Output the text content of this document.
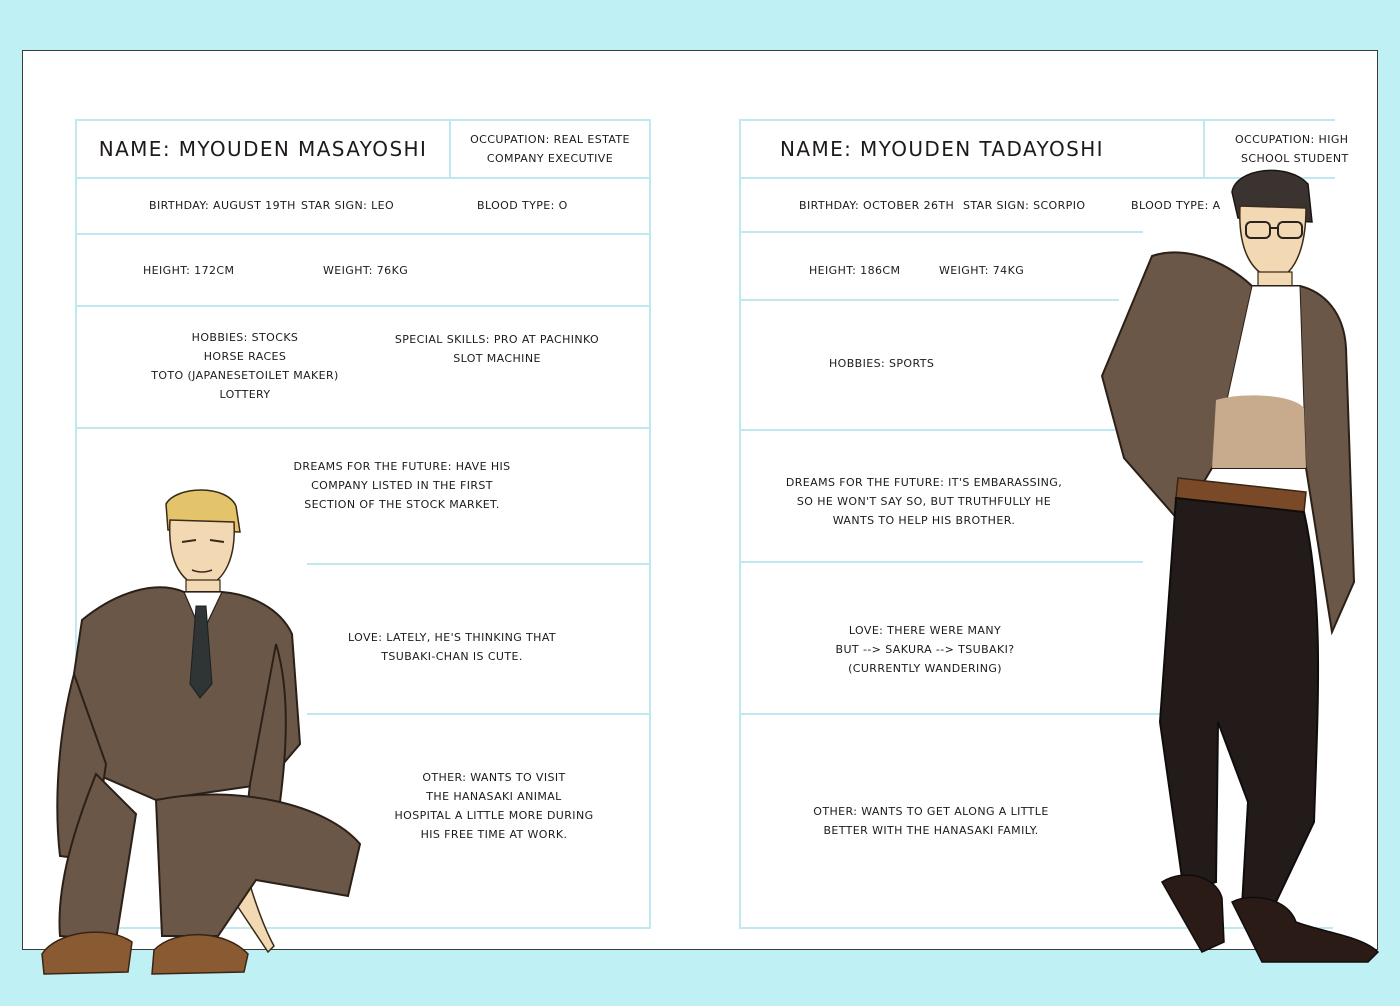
NAME: MYOUDEN MASAYOSHI	OCCUPATION: REAL ESTATE
COMPANY EXECUTIVE
BIRTHDAY: AUGUST 19TH STAR SIGN: LEO	BLOOD TYPE: O
HEIGHT: 172CM	WEIGHT: 76KG
HOBBIES: STOCKS
HORSE RACES
TOTO (JAPANESETOILET MAKER)
LOTTERY
SPECIAL SKILLS: PRO AT PACHINKO
SLOT MACHINE
DREAMS FOR THE FUTURE: HAVE HIS
COMPANY LISTED IN THE FIRST
SECTION OF THE STOCK MARKET.
LOVE: LATELY, HE'S THINKING THAT
TSUBAKI-CHAN IS CUTE.
OTHER: WANTS TO VISIT
THE HANASAKI ANIMAL
HOSPITAL A LITTLE MORE DURING
HIS FREE TIME AT WORK.
NAME: MYOUDEN TADAYOSHI	OCCUPATION: HIGH
SCHOOL STUDENT
BIRTHDAY: OCTOBER 26TH STAR SIGN: SCORPIO	BLOOD TYPE: A
HEIGHT: 186CM	WEIGHT: 74KG
HOBBIES: SPORTS
DREAMS FOR THE FUTURE: IT'S EMBARASSING,
SO HE WON'T SAY SO, BUT TRUTHFULLY HE
WANTS TO HELP HIS BROTHER.
LOVE: THERE WERE MANY
BUT --> SAKURA --> TSUBAKI?
(CURRENTLY WANDERING)
OTHER: WANTS TO GET ALONG A LITTLE
BETTER WITH THE HANASAKI FAMILY.
